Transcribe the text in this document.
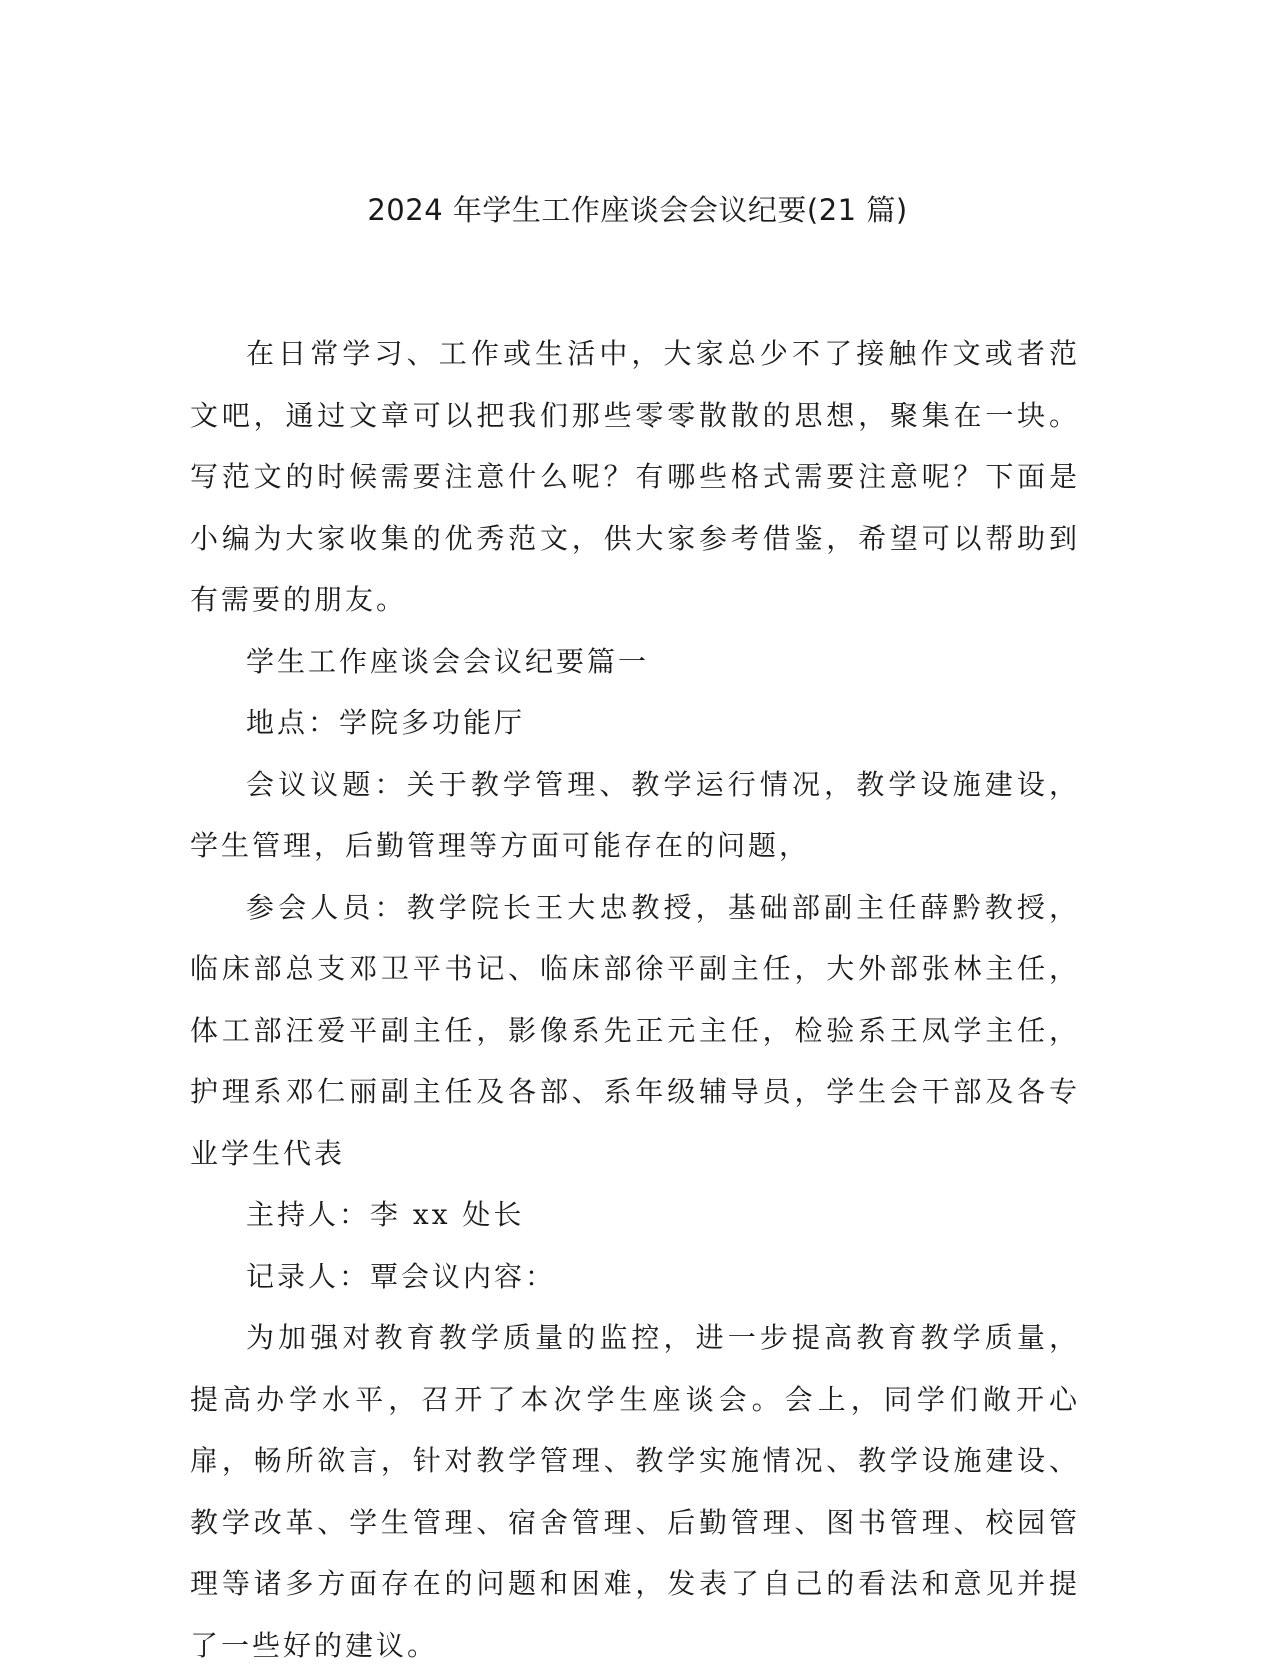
2024 年学生工作座谈会会议纪要(21 篇)

在日常学习、工作或生活中，大家总少不了接触作文或者范文吧，通过文章可以把我们那些零零散散的思想，聚集在一块。写范文的时候需要注意什么呢？有哪些格式需要注意呢？下面是小编为大家收集的优秀范文，供大家参考借鉴，希望可以帮助到有需要的朋友。

学生工作座谈会会议纪要篇一

地点：学院多功能厅

会议议题：关于教学管理、教学运行情况，教学设施建设，学生管理，后勤管理等方面可能存在的问题，

参会人员：教学院长王大忠教授，基础部副主任薛黔教授，临床部总支邓卫平书记、临床部徐平副主任，大外部张林主任，体工部汪爱平副主任，影像系先正元主任，检验系王凤学主任，护理系邓仁丽副主任及各部、系年级辅导员，学生会干部及各专业学生代表

主持人：李 xx 处长

记录人：覃会议内容：

为加强对教育教学质量的监控，进一步提高教育教学质量，提高办学水平，召开了本次学生座谈会。会上，同学们敞开心扉，畅所欲言，针对教学管理、教学实施情况、教学设施建设、教学改革、学生管理、宿舍管理、后勤管理、图书管理、校园管理等诸多方面存在的问题和困难，发表了自己的看法和意见并提了一些好的建议。
